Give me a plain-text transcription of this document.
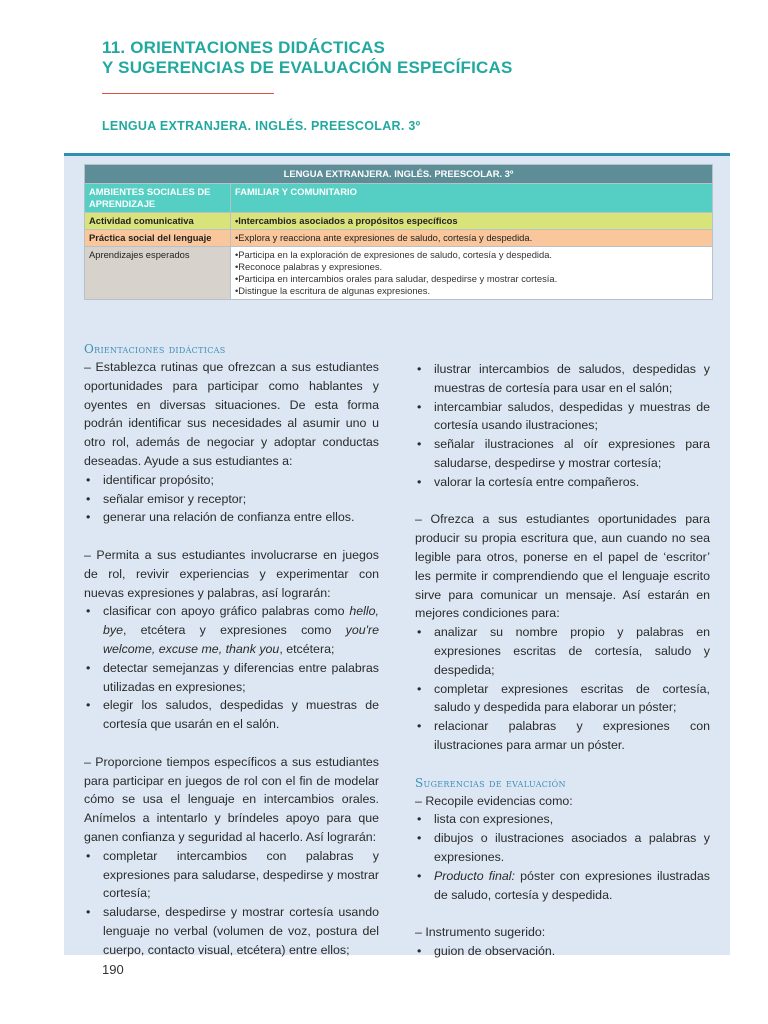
11. ORIENTACIONES DIDÁCTICAS
Y SUGERENCIAS DE EVALUACIÓN ESPECÍFICAS
LENGUA EXTRANJERA. INGLÉS. PREESCOLAR. 3º
LENGUA EXTRANJERA. INGLÉS. PREESCOLAR. 3º	
AMBIENTES SOCIALES DE APRENDIZAJE	FAMILIAR Y COMUNITARIO
Actividad comunicativa	•Intercambios asociados a propósitos específicos
Práctica social del lenguaje	•Explora y reacciona ante expresiones de saludo, cortesía y despedida.
Aprendizajes esperados	•Participa en la exploración de expresiones de saludo, cortesía y despedida.
•Reconoce palabras y expresiones.
•Participa en intercambios orales para saludar, despedirse y mostrar cortesía.
•Distingue la escritura de algunas expresiones.
Orientaciones didácticas

– Establezca rutinas que ofrezcan a sus estudiantes oportunidades para participar como hablantes y oyentes en diversas situaciones. De esta forma podrán identificar sus necesidades al asumir uno u otro rol, además de negociar y adoptar conductas deseadas. Ayude a sus estudiantes a:

• identificar propósito;
• señalar emisor y receptor;
• generar una relación de confianza entre ellos.

– Permita a sus estudiantes involucrarse en juegos de rol, revivir experiencias y experimentar con nuevas expresiones y palabras, así lograrán:

• clasificar con apoyo gráfico palabras como hello, bye, etcétera y expresiones como you're welcome, excuse me, thank you, etcétera;
• detectar semejanzas y diferencias entre palabras utilizadas en expresiones;
• elegir los saludos, despedidas y muestras de cortesía que usarán en el salón.

– Proporcione tiempos específicos a sus estudiantes para participar en juegos de rol con el fin de modelar cómo se usa el lenguaje en intercambios orales. Anímelos a intentarlo y bríndeles apoyo para que ganen confianza y seguridad al hacerlo. Así lograrán:

• completar intercambios con palabras y expresiones para saludarse, despedirse y mostrar cortesía;
• saludarse, despedirse y mostrar cortesía usando lenguaje no verbal (volumen de voz, postura del cuerpo, contacto visual, etcétera) entre ellos;
• ilustrar intercambios de saludos, despedidas y muestras de cortesía para usar en el salón;
• intercambiar saludos, despedidas y muestras de cortesía usando ilustraciones;
• señalar ilustraciones al oír expresiones para saludarse, despedirse y mostrar cortesía;
• valorar la cortesía entre compañeros.

– Ofrezca a sus estudiantes oportunidades para producir su propia escritura que, aun cuando no sea legible para otros, ponerse en el papel de ‘escritor’ les permite ir comprendiendo que el lenguaje escrito sirve para comunicar un mensaje. Así estarán en mejores condiciones para:

• analizar su nombre propio y palabras en expresiones escritas de cortesía, saludo y despedida;
• completar expresiones escritas de cortesía, saludo y despedida para elaborar un póster;
• relacionar palabras y expresiones con ilustraciones para armar un póster.
Sugerencias de evaluación

– Recopile evidencias como:

• lista con expresiones,
• dibujos o ilustraciones asociados a palabras y expresiones.
• Producto final: póster con expresiones ilustradas de saludo, cortesía y despedida.

– Instrumento sugerido:

• guion de observación.
190
